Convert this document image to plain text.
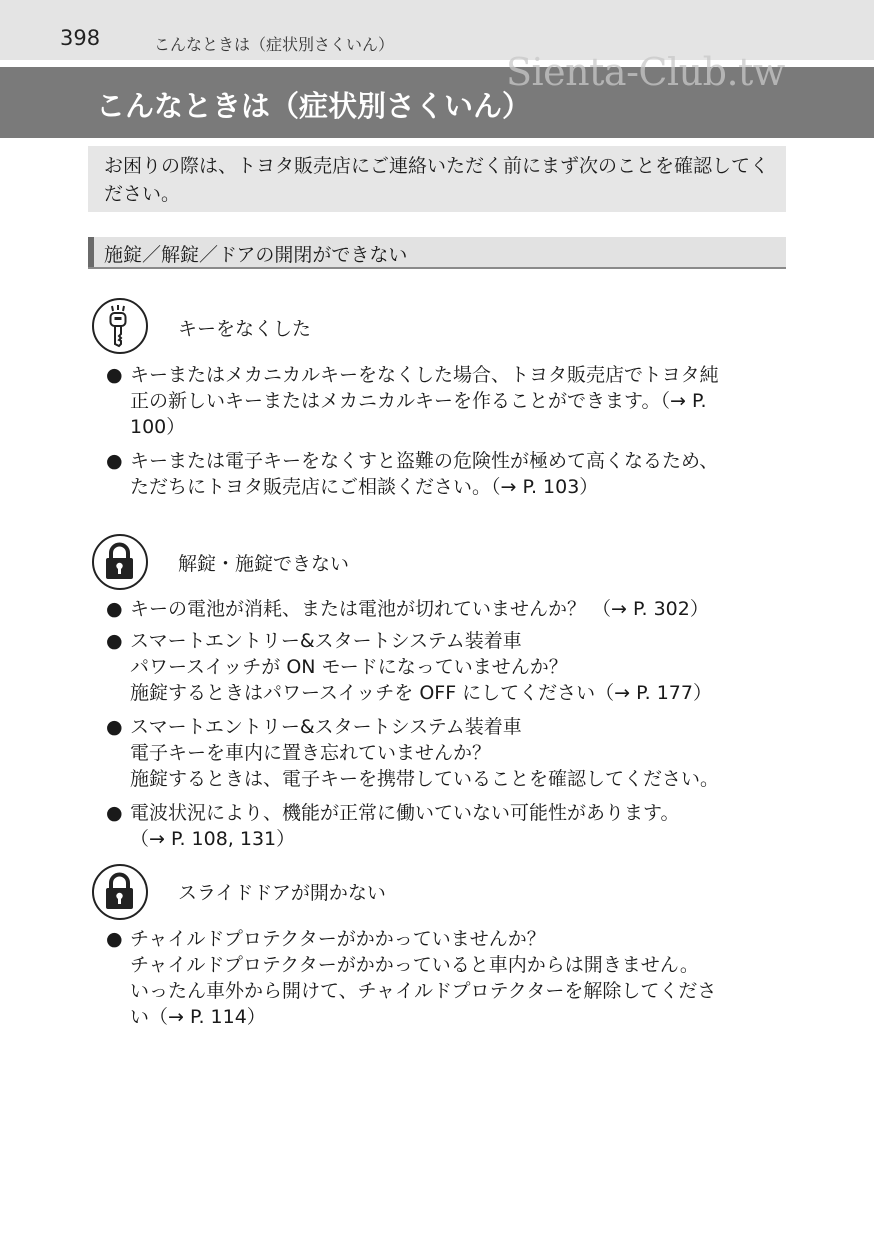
398	こんなときは（症状別さくいん）
こんなときは（症状別さくいん）
Sienta-Club.tw
お困りの際は、トヨタ販売店にご連絡いただく前にまず次のことを確認してください。
施錠／解錠／ドアの開閉ができない
キーをなくした
● キーまたはメカニカルキーをなくした場合、トヨタ販売店でトヨタ純
正の新しいキーまたはメカニカルキーを作ることができます。（→ P.
100）
● キーまたは電子キーをなくすと盗難の危険性が極めて高くなるため、
ただちにトヨタ販売店にご相談ください。（→ P. 103）
解錠・施錠できない
● キーの電池が消耗、または電池が切れていませんか？ （→ P. 302）
● スマートエントリー&スタートシステム装着車
パワースイッチが ON モードになっていませんか？
施錠するときはパワースイッチを OFF にしてください（→ P. 177）
● スマートエントリー&スタートシステム装着車
電子キーを車内に置き忘れていませんか？
施錠するときは、電子キーを携帯していることを確認してください。
● 電波状況により、機能が正常に働いていない可能性があります。
（→ P. 108, 131）
スライドドアが開かない
● チャイルドプロテクターがかかっていませんか？
チャイルドプロテクターがかかっていると車内からは開きません。
いったん車外から開けて、チャイルドプロテクターを解除してくださ
い（→ P. 114）
